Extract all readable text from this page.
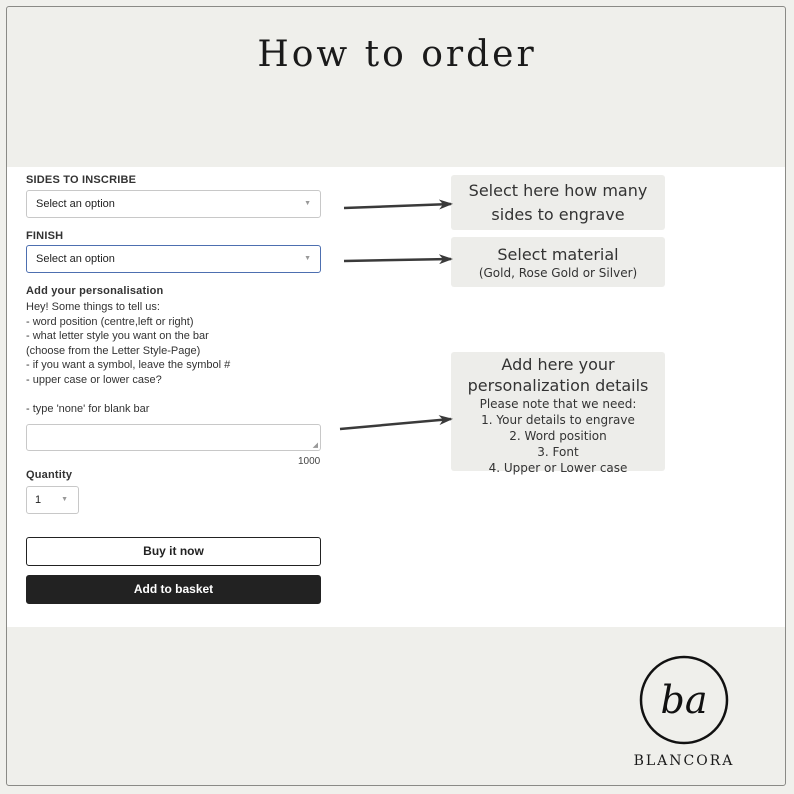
How to order
SIDES TO INSCRIBE
Select an option	▼
FINISH
Select an option	▼
Add your personalisation
Hey! Some things to tell us:
- word position (centre,left or right)
- what letter style you want on the bar
(choose from the Letter Style-Page)
- if you want a symbol, leave the symbol #
- upper case or lower case?

- type 'none' for blank bar
◢
1000
Quantity
1	▼
Buy it now
Add to basket
Select here how many
sides to engrave
Select material
(Gold, Rose Gold or Silver)
Add here your
personalization details
Please note that we need:
1. Your details to engrave
2. Word position
3. Font
4. Upper or Lower case
ba
BLANCORA
